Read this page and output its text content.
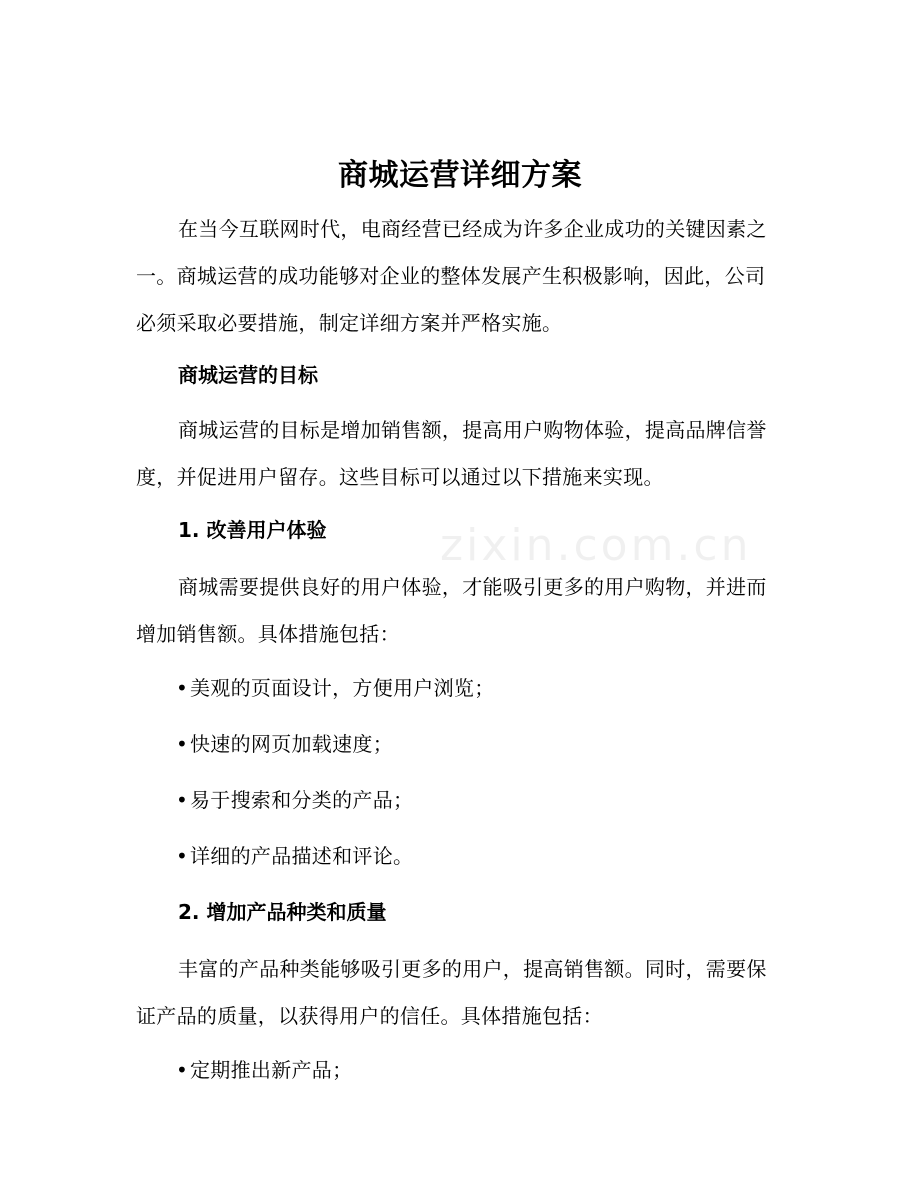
zixin.com.cn
商城运营详细方案
在当今互联网时代，电商经营已经成为许多企业成功的关键因素之一。商城运营的成功能够对企业的整体发展产生积极影响，因此，公司必须采取必要措施，制定详细方案并严格实施。
商城运营的目标
商城运营的目标是增加销售额，提高用户购物体验，提高品牌信誉度，并促进用户留存。这些目标可以通过以下措施来实现。
1. 改善用户体验
商城需要提供良好的用户体验，才能吸引更多的用户购物，并进而增加销售额。具体措施包括：
•美观的页面设计，方便用户浏览；
•快速的网页加载速度；
•易于搜索和分类的产品；
•详细的产品描述和评论。
2. 增加产品种类和质量
丰富的产品种类能够吸引更多的用户，提高销售额。同时，需要保证产品的质量，以获得用户的信任。具体措施包括：
•定期推出新产品；
